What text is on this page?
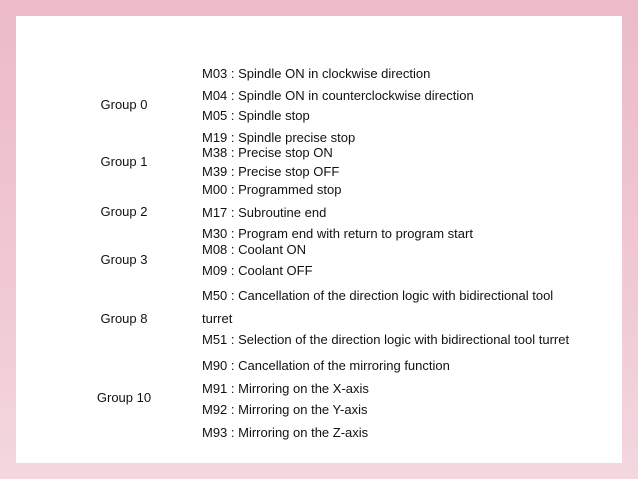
Group 0
Group 1
Group 2
Group 3
Group 8
Group 10
M03 : Spindle ON in clockwise direction
M04 : Spindle ON in counterclockwise direction
M05 : Spindle stop
M19 : Spindle precise stop
M38 : Precise stop ON
M39 : Precise stop OFF
M00 : Programmed stop
M17 : Subroutine end
M30 : Program end with return to program start
M08 : Coolant ON
M09 : Coolant OFF
M50 : Cancellation of the direction logic with bidirectional tool
turret
M51 : Selection of the direction logic with bidirectional tool turret
M90 : Cancellation of the mirroring function
M91 : Mirroring on the X-axis
M92 : Mirroring on the Y-axis
M93 : Mirroring on the Z-axis
